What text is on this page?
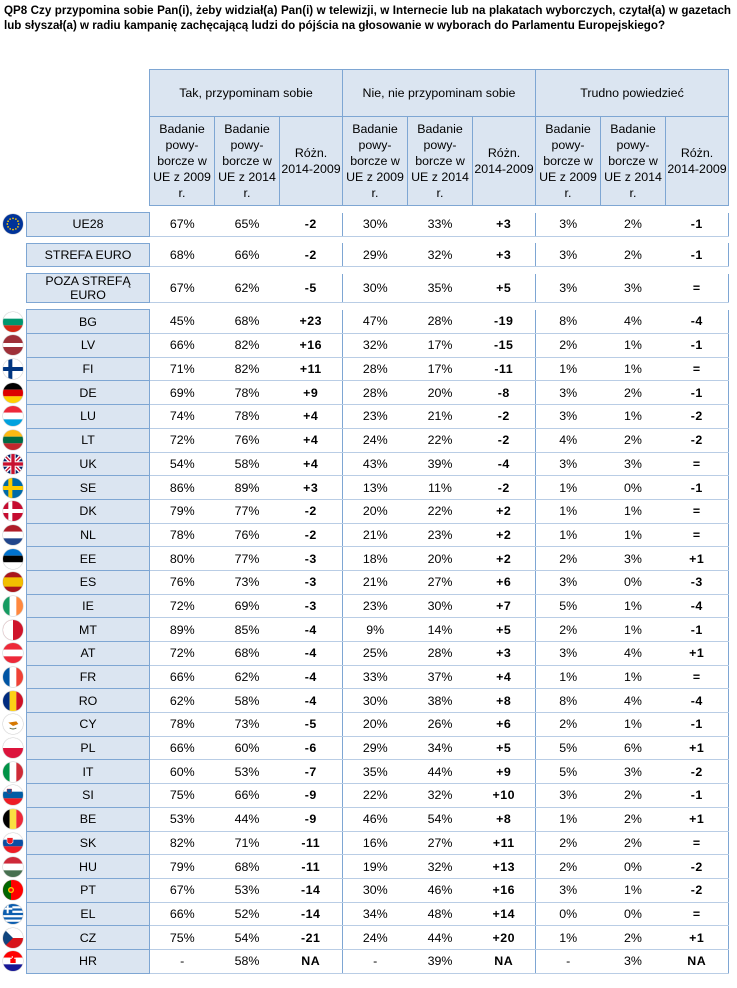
QP8 Czy przypomina sobie Pan(i), żeby widział(a) Pan(i) w telewizji, w Internecie lub na plakatach wyborczych, czytał(a) w gazetach lub słyszał(a) w radiu kampanię zachęcającą ludzi do pójścia na głosowanie w wyborach do Parlamentu Europejskiego?
		Tak, przypominam sobie			Nie, nie przypominam sobie			Trudno powiedzieć		
		Badanie powy-borcze w UE z 2009 r.	Badanie powy-borcze w UE z 2014 r.	Różn. 2014-2009	Badanie powy-borcze w UE z 2009 r.	Badanie powy-borcze w UE z 2014 r.	Różn. 2014-2009	Badanie powy-borcze w UE z 2009 r.	Badanie powy-borcze w UE z 2014 r.	Różn. 2014-2009

	UE28	67%	65%	-2	30%	33%	+3	3%	2%	-1

	STREFA EURO	68%	66%	-2	29%	32%	+3	3%	2%	-1

	POZA STREFĄ EURO	67%	62%	-5	30%	35%	+5	3%	3%	=

	BG	45%	68%	+23	47%	28%	-19	8%	4%	-4

	LV	66%	82%	+16	32%	17%	-15	2%	1%	-1

	FI	71%	82%	+11	28%	17%	-11	1%	1%	=

	DE	69%	78%	+9	28%	20%	-8	3%	2%	-1

	LU	74%	78%	+4	23%	21%	-2	3%	1%	-2

	LT	72%	76%	+4	24%	22%	-2	4%	2%	-2

	UK	54%	58%	+4	43%	39%	-4	3%	3%	=

	SE	86%	89%	+3	13%	11%	-2	1%	0%	-1

	DK	79%	77%	-2	20%	22%	+2	1%	1%	=

	NL	78%	76%	-2	21%	23%	+2	1%	1%	=

	EE	80%	77%	-3	18%	20%	+2	2%	3%	+1

	ES	76%	73%	-3	21%	27%	+6	3%	0%	-3

	IE	72%	69%	-3	23%	30%	+7	5%	1%	-4

	MT	89%	85%	-4	9%	14%	+5	2%	1%	-1

	AT	72%	68%	-4	25%	28%	+3	3%	4%	+1

	FR	66%	62%	-4	33%	37%	+4	1%	1%	=

	RO	62%	58%	-4	30%	38%	+8	8%	4%	-4

	CY	78%	73%	-5	20%	26%	+6	2%	1%	-1

	PL	66%	60%	-6	29%	34%	+5	5%	6%	+1

	IT	60%	53%	-7	35%	44%	+9	5%	3%	-2

	SI	75%	66%	-9	22%	32%	+10	3%	2%	-1

	BE	53%	44%	-9	46%	54%	+8	1%	2%	+1

	SK	82%	71%	-11	16%	27%	+11	2%	2%	=

	HU	79%	68%	-11	19%	32%	+13	2%	0%	-2

	PT	67%	53%	-14	30%	46%	+16	3%	1%	-2

	EL	66%	52%	-14	34%	48%	+14	0%	0%	=

	CZ	75%	54%	-21	24%	44%	+20	1%	2%	+1

	HR	-	58%	NA	-	39%	NA	-	3%	NA
